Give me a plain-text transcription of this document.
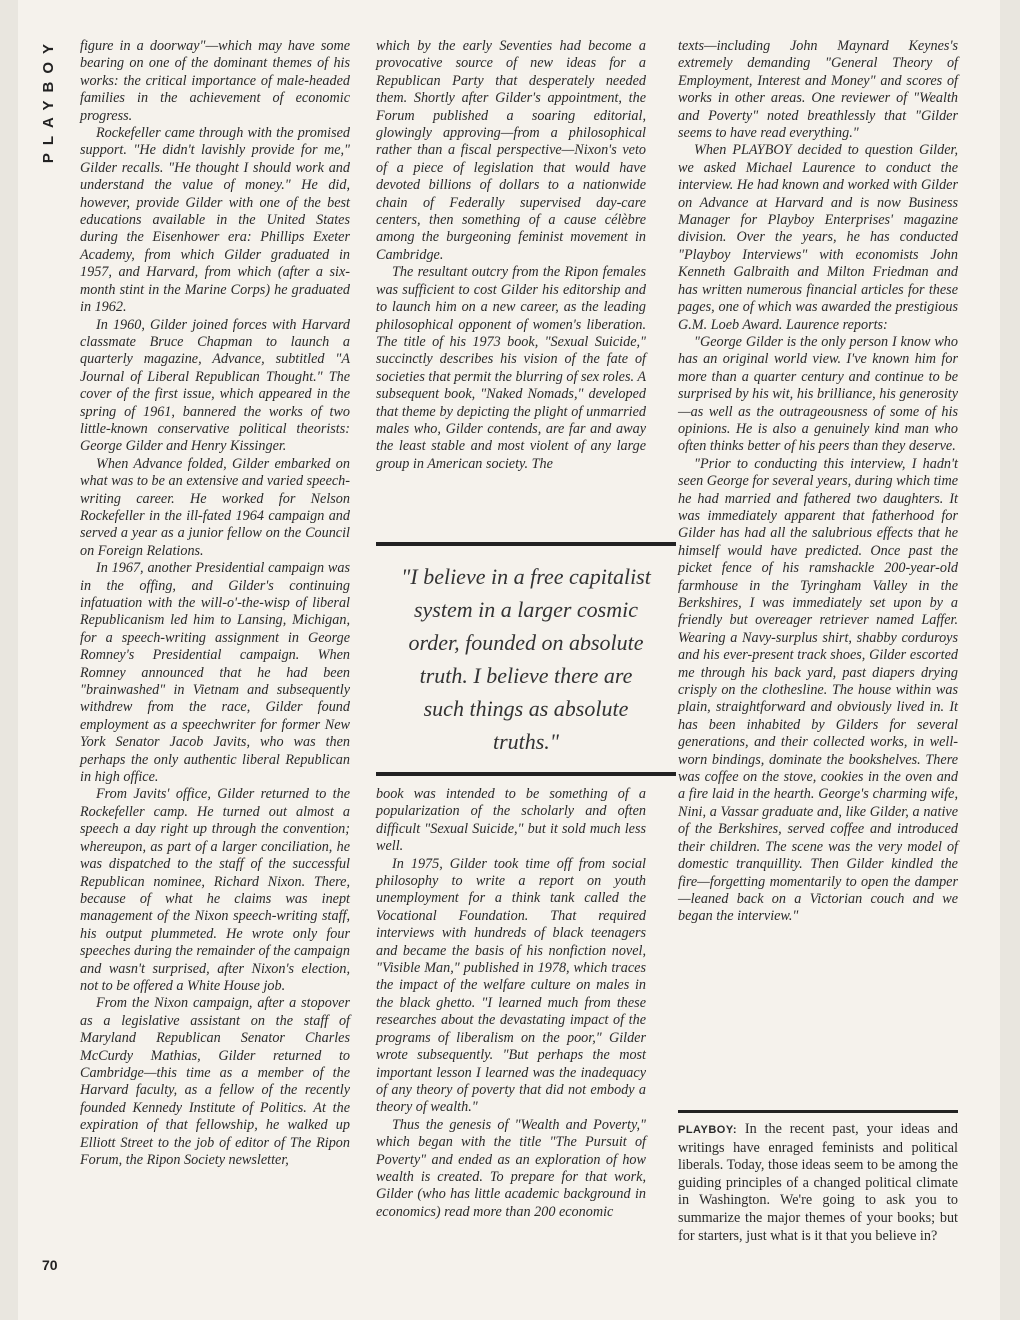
PLAYBOY
70

figure in a doorway"—which may have some bearing on one of the dominant themes of his works: the critical importance of male-headed families in the achievement of economic progress.

Rockefeller came through with the promised support. "He didn't lavishly provide for me," Gilder recalls. "He thought I should work and understand the value of money." He did, however, provide Gilder with one of the best educations available in the United States during the Eisenhower era: Phillips Exeter Academy, from which Gilder graduated in 1957, and Harvard, from which (after a six-month stint in the Marine Corps) he graduated in 1962.

In 1960, Gilder joined forces with Harvard classmate Bruce Chapman to launch a quarterly magazine, Advance, subtitled "A Journal of Liberal Republican Thought." The cover of the first issue, which appeared in the spring of 1961, bannered the works of two little-known conservative political theorists: George Gilder and Henry Kissinger.

When Advance folded, Gilder embarked on what was to be an extensive and varied speech-writing career. He worked for Nelson Rockefeller in the ill-fated 1964 campaign and served a year as a junior fellow on the Council on Foreign Relations.

In 1967, another Presidential campaign was in the offing, and Gilder's continuing infatuation with the will-o'-the-wisp of liberal Republicanism led him to Lansing, Michigan, for a speech-writing assignment in George Romney's Presidential campaign. When Romney announced that he had been "brainwashed" in Vietnam and subsequently withdrew from the race, Gilder found employment as a speechwriter for former New York Senator Jacob Javits, who was then perhaps the only authentic liberal Republican in high office.

From Javits' office, Gilder returned to the Rockefeller camp. He turned out almost a speech a day right up through the convention; whereupon, as part of a larger conciliation, he was dispatched to the staff of the successful Republican nominee, Richard Nixon. There, because of what he claims was inept management of the Nixon speech-writing staff, his output plummeted. He wrote only four speeches during the remainder of the campaign and wasn't surprised, after Nixon's election, not to be offered a White House job.

From the Nixon campaign, after a stopover as a legislative assistant on the staff of Maryland Republican Senator Charles McCurdy Mathias, Gilder returned to Cambridge—this time as a member of the Harvard faculty, as a fellow of the recently founded Kennedy Institute of Politics. At the expiration of that fellowship, he walked up Elliott Street to the job of editor of The Ripon Forum, the Ripon Society newsletter,

which by the early Seventies had become a provocative source of new ideas for a Republican Party that desperately needed them. Shortly after Gilder's appointment, the Forum published a soaring editorial, glowingly approving—from a philosophical rather than a fiscal perspective—Nixon's veto of a piece of legislation that would have devoted billions of dollars to a nationwide chain of Federally supervised day-care centers, then something of a cause célèbre among the burgeoning feminist movement in Cambridge.

The resultant outcry from the Ripon females was sufficient to cost Gilder his editorship and to launch him on a new career, as the leading philosophical opponent of women's liberation. The title of his 1973 book, "Sexual Suicide," succinctly describes his vision of the fate of societies that permit the blurring of sex roles. A subsequent book, "Naked Nomads," developed that theme by depicting the plight of unmarried males who, Gilder contends, are far and away the least stable and most violent of any large group in American society. The

"I believe in a free capitalist system in a larger cosmic order, founded on absolute truth. I believe there are such things as absolute truths."

book was intended to be something of a popularization of the scholarly and often difficult "Sexual Suicide," but it sold much less well.

In 1975, Gilder took time off from social philosophy to write a report on youth unemployment for a think tank called the Vocational Foundation. That required interviews with hundreds of black teenagers and became the basis of his nonfiction novel, "Visible Man," published in 1978, which traces the impact of the welfare culture on males in the black ghetto. "I learned much from these researches about the devastating impact of the programs of liberalism on the poor," Gilder wrote subsequently. "But perhaps the most important lesson I learned was the inadequacy of any theory of poverty that did not embody a theory of wealth."

Thus the genesis of "Wealth and Poverty," which began with the title "The Pursuit of Poverty" and ended as an exploration of how wealth is created. To prepare for that work, Gilder (who has little academic background in economics) read more than 200 economic

texts—including John Maynard Keynes's extremely demanding "General Theory of Employment, Interest and Money" and scores of works in other areas. One reviewer of "Wealth and Poverty" noted breathlessly that "Gilder seems to have read everything."

When PLAYBOY decided to question Gilder, we asked Michael Laurence to conduct the interview. He had known and worked with Gilder on Advance at Harvard and is now Business Manager for Playboy Enterprises' magazine division. Over the years, he has conducted "Playboy Interviews" with economists John Kenneth Galbraith and Milton Friedman and has written numerous financial articles for these pages, one of which was awarded the prestigious G.M. Loeb Award. Laurence reports:

"George Gilder is the only person I know who has an original world view. I've known him for more than a quarter century and continue to be surprised by his wit, his brilliance, his generosity—as well as the outrageousness of some of his opinions. He is also a genuinely kind man who often thinks better of his peers than they deserve.

"Prior to conducting this interview, I hadn't seen George for several years, during which time he had married and fathered two daughters. It was immediately apparent that fatherhood for Gilder has had all the salubrious effects that he himself would have predicted. Once past the picket fence of his ramshackle 200-year-old farmhouse in the Tyringham Valley in the Berkshires, I was immediately set upon by a friendly but overeager retriever named Laffer. Wearing a Navy-surplus shirt, shabby corduroys and his ever-present track shoes, Gilder escorted me through his back yard, past diapers drying crisply on the clothesline. The house within was plain, straightforward and obviously lived in. It has been inhabited by Gilders for several generations, and their collected works, in well-worn bindings, dominate the bookshelves. There was coffee on the stove, cookies in the oven and a fire laid in the hearth. George's charming wife, Nini, a Vassar graduate and, like Gilder, a native of the Berkshires, served coffee and introduced their children. The scene was the very model of domestic tranquillity. Then Gilder kindled the fire—forgetting momentarily to open the damper—leaned back on a Victorian couch and we began the interview."

PLAYBOY: In the recent past, your ideas and writings have enraged feminists and political liberals. Today, those ideas seem to be among the guiding principles of a changed political climate in Washington. We're going to ask you to summarize the major themes of your books; but for starters, just what is it that you believe in?
